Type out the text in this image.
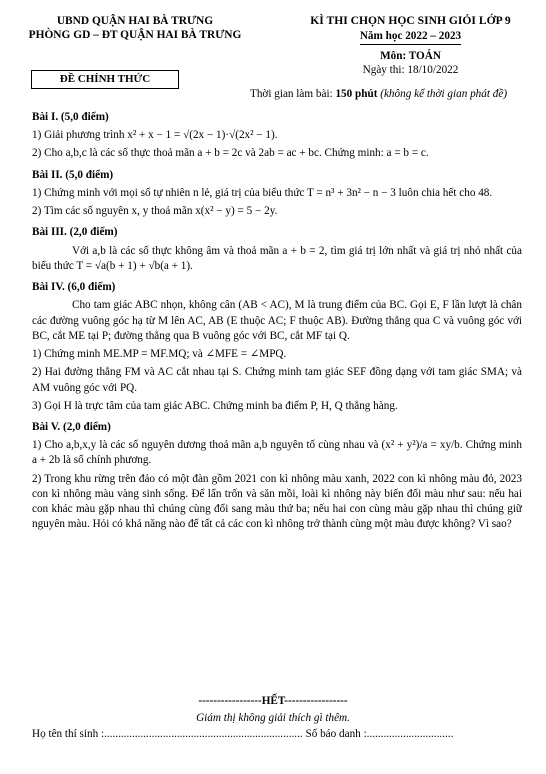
UBND QUẬN HAI BÀ TRƯNG
PHÒNG GD – ĐT QUẬN HAI BÀ TRƯNG
KÌ THI CHỌN HỌC SINH GIỎI LỚP 9
Năm học 2022 – 2023
Môn: TOÁN
Ngày thi: 18/10/2022
ĐỀ CHÍNH THỨC
Thời gian làm bài: 150 phút (không kể thời gian phát đề)
Bài I. (5,0 điểm)

1) Giải phương trình x² + x − 1 = √(2x − 1)·√(2x² − 1).

2) Cho a,b,c là các số thực thoả mãn a + b = 2c và 2ab = ac + bc. Chứng minh: a = b = c.

Bài II. (5,0 điểm)

1) Chứng minh với mọi số tự nhiên n lẻ, giá trị của biểu thức T = n³ + 3n² − n − 3 luôn chia hết cho 48.

2) Tìm các số nguyên x, y thoả mãn x(x² − y) = 5 − 2y.

Bài III. (2,0 điểm)

Với a,b là các số thực không âm và thoả mãn a + b = 2, tìm giá trị lớn nhất và giá trị nhỏ nhất của biểu thức T = √a(b + 1) + √b(a + 1).

Bài IV. (6,0 điểm)

Cho tam giác ABC nhọn, không cân (AB < AC), M là trung điểm của BC. Gọi E, F lần lượt là chân các đường vuông góc hạ từ M lên AC, AB (E thuộc AC; F thuộc AB). Đường thẳng qua C và vuông góc với BC, cắt ME tại P; đường thẳng qua B vuông góc với BC, cắt MF tại Q.

1) Chứng minh ME.MP = MF.MQ; và ∠MFE = ∠MPQ.

2) Hai đường thẳng FM và AC cắt nhau tại S. Chứng minh tam giác SEF đồng dạng với tam giác SMA; và AM vuông góc với PQ.

3) Gọi H là trực tâm của tam giác ABC. Chứng minh ba điểm P, H, Q thẳng hàng.

Bài V. (2,0 điểm)

1) Cho a,b,x,y là các số nguyên dương thoả mãn a,b nguyên tố cùng nhau và (x² + y²)/a = xy/b. Chứng minh a + 2b là số chính phương.

2) Trong khu rừng trên đảo có một đàn gồm 2021 con kì nhông màu xanh, 2022 con kì nhông màu đỏ, 2023 con kì nhông màu vàng sinh sống. Để lẩn trốn và săn mồi, loài kì nhông này biến đổi màu như sau: nếu hai con khác màu gặp nhau thì chúng cùng đổi sang màu thứ ba; nếu hai con cùng màu gặp nhau thì chúng giữ nguyên màu. Hỏi có khả năng nào để tất cả các con kì nhông trở thành cùng một màu được không? Vì sao?

-----------------HẾT-----------------
Giám thị không giải thích gì thêm.
Họ tên thí sinh :....................................................................... Số báo danh :...............................
